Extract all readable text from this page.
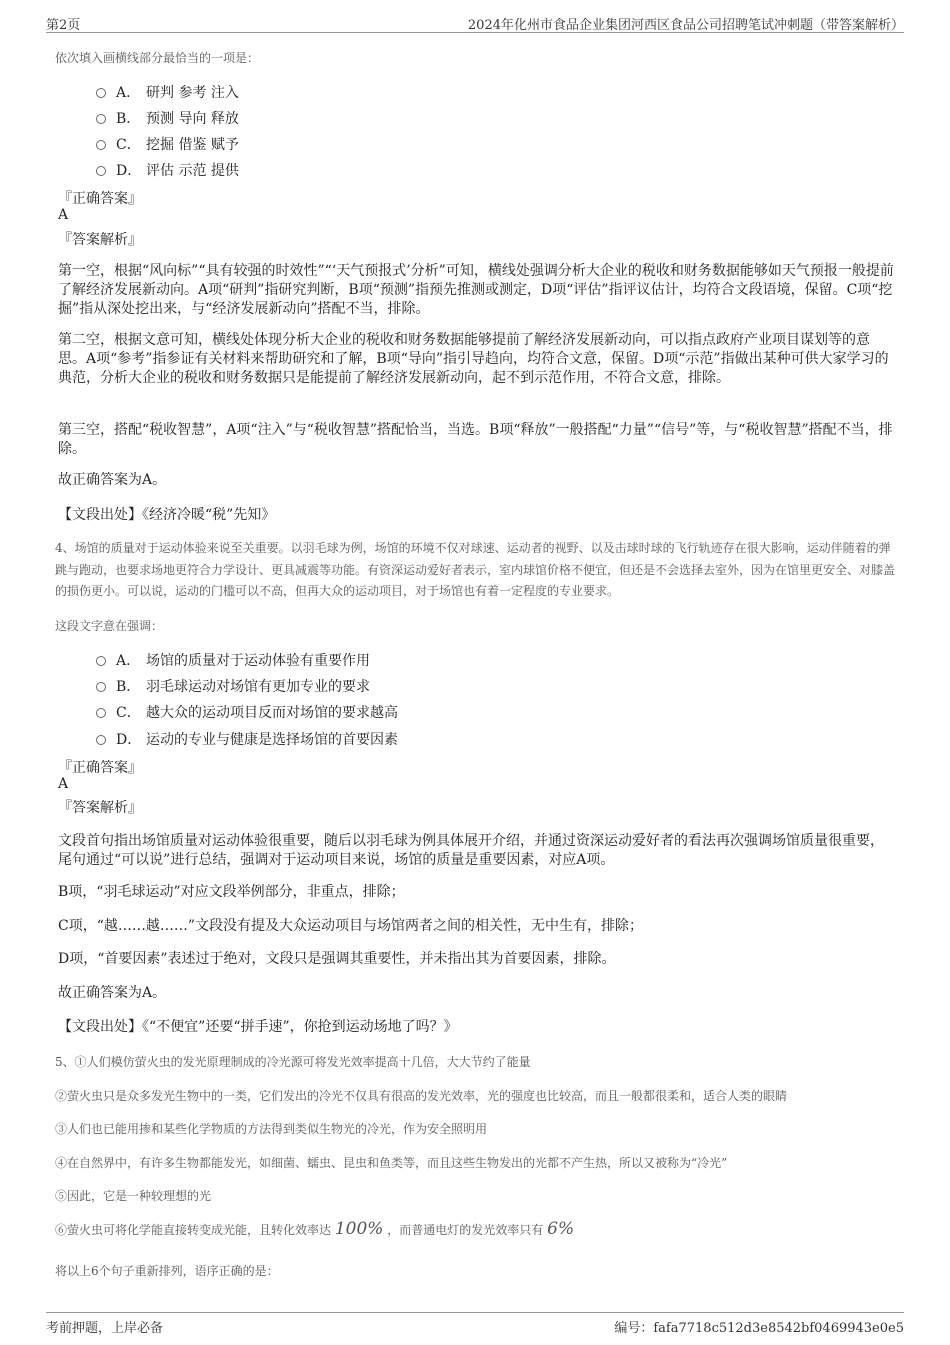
第2页	2024年化州市食品企业集团河西区食品公司招聘笔试冲刺题（带答案解析）
依次填入画横线部分最恰当的一项是：
A． 研判 参考 注入
B． 预测 导向 释放
C． 挖掘 借鉴 赋予
D． 评估 示范 提供
『正确答案』
A
『答案解析』
第一空，根据“风向标”“具有较强的时效性”“‘天气预报式’分析”可知，横线处强调分析大企业的税收和财务数据能够如天气预报一般提前了解经济发展新动向。A项“研判”指研究判断，B项“预测”指预先推测或测定，D项“评估”指评议估计，均符合文段语境，保留。C项“挖掘”指从深处挖出来，与“经济发展新动向”搭配不当，排除。
第二空，根据文意可知，横线处体现分析大企业的税收和财务数据能够提前了解经济发展新动向，可以指点政府产业项目谋划等的意思。A项“参考”指参证有关材料来帮助研究和了解，B项“导向”指引导趋向，均符合文意，保留。D项“示范”指做出某种可供大家学习的典范，分析大企业的税收和财务数据只是能提前了解经济发展新动向，起不到示范作用，不符合文意，排除。
第三空，搭配“税收智慧”，A项“注入”与“税收智慧”搭配恰当，当选。B项“释放”一般搭配“力量”“信号”等，与“税收智慧”搭配不当，排除。
故正确答案为A。
【文段出处】《经济冷暖“税”先知》
4、场馆的质量对于运动体验来说至关重要。以羽毛球为例，场馆的环境不仅对球速、运动者的视野、以及击球时球的飞行轨迹存在很大影响，运动伴随着的弹跳与跑动，也要求场地更符合力学设计、更具减震等功能。有资深运动爱好者表示，室内球馆价格不便宜，但还是不会选择去室外，因为在馆里更安全、对膝盖的损伤更小。可以说，运动的门槛可以不高，但再大众的运动项目，对于场馆也有着一定程度的专业要求。
这段文字意在强调：
A． 场馆的质量对于运动体验有重要作用
B． 羽毛球运动对场馆有更加专业的要求
C． 越大众的运动项目反而对场馆的要求越高
D． 运动的专业与健康是选择场馆的首要因素
『正确答案』
A
『答案解析』
文段首句指出场馆质量对运动体验很重要，随后以羽毛球为例具体展开介绍，并通过资深运动爱好者的看法再次强调场馆质量很重要，尾句通过“可以说”进行总结，强调对于运动项目来说，场馆的质量是重要因素，对应A项。
B项，“羽毛球运动”对应文段举例部分，非重点，排除；
C项，“越……越……”文段没有提及大众运动项目与场馆两者之间的相关性，无中生有，排除；
D项，“首要因素”表述过于绝对，文段只是强调其重要性，并未指出其为首要因素，排除。
故正确答案为A。
【文段出处】《“不便宜”还要“拼手速”，你抢到运动场地了吗？》
5、①人们模仿萤火虫的发光原理制成的冷光源可将发光效率提高十几倍，大大节约了能量
②萤火虫只是众多发光生物中的一类，它们发出的冷光不仅具有很高的发光效率，光的强度也比较高，而且一般都很柔和，适合人类的眼睛
③人们也已能用掺和某些化学物质的方法得到类似生物光的冷光，作为安全照明用
④在自然界中，有许多生物都能发光，如细菌、蠕虫、昆虫和鱼类等，而且这些生物发出的光都不产生热，所以又被称为“冷光”
⑤因此，它是一种较理想的光
⑥萤火虫可将化学能直接转变成光能，且转化效率达 100% ，而普通电灯的发光效率只有 6%
将以上6个句子重新排列，语序正确的是：
考前押题，上岸必备	编号：fafa7718c512d3e8542bf0469943e0e5
